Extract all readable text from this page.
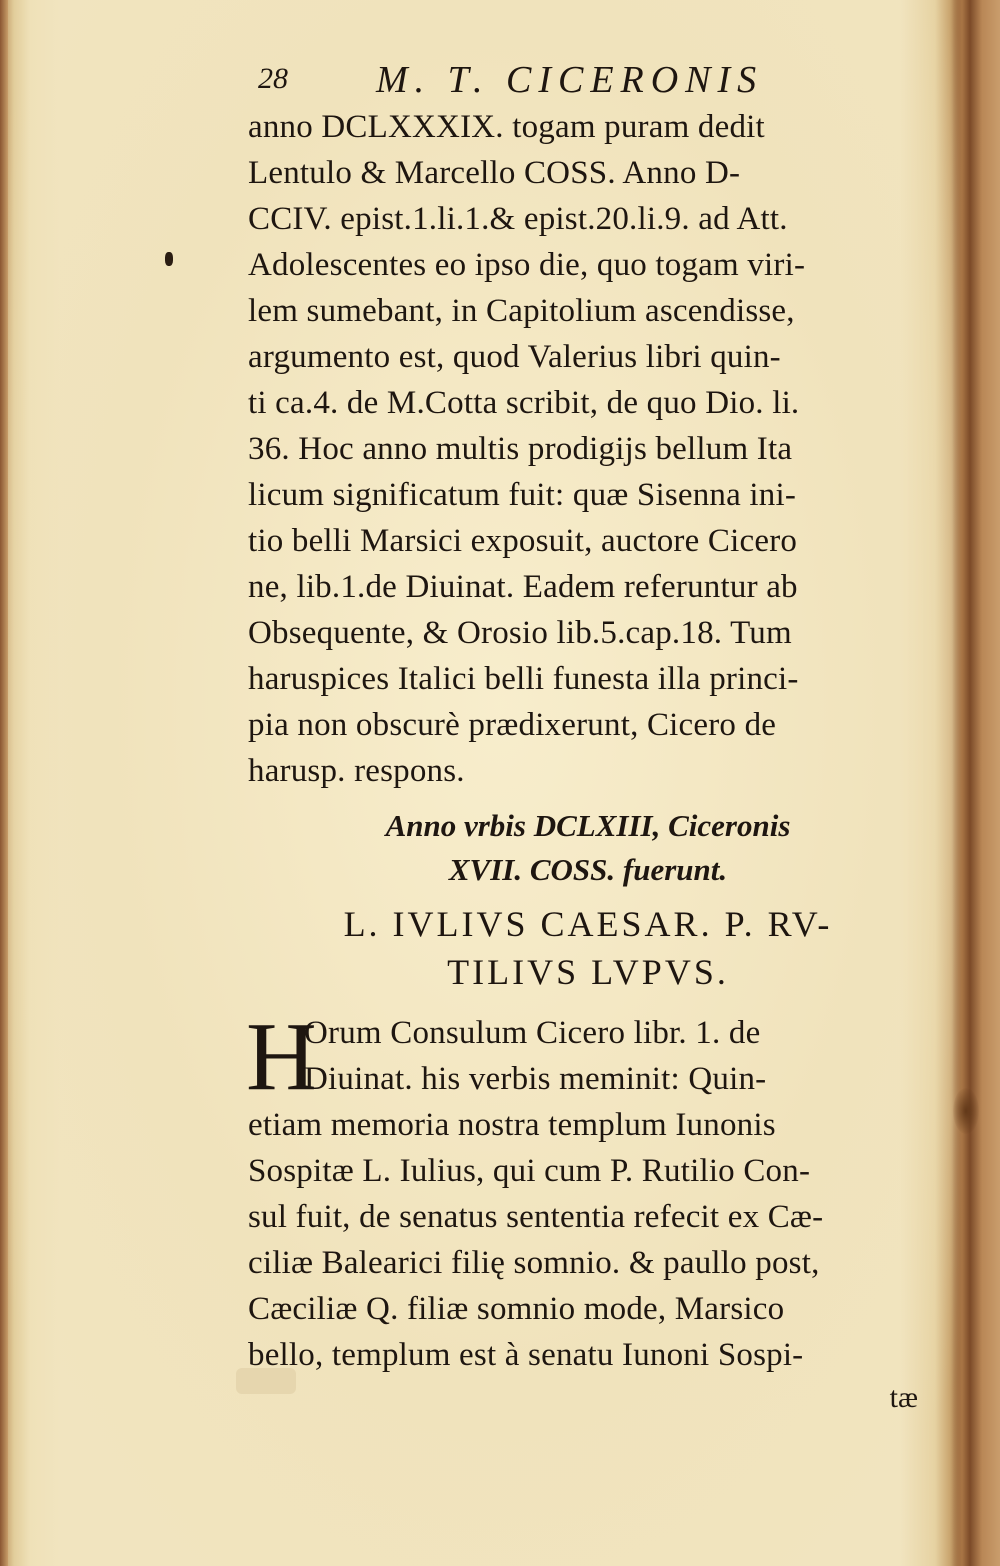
28 M. T. CICERONIS
anno DCLXXXIX. togam puram dedit
Lentulo & Marcello COSS. Anno D-
CCIV. epist.1.li.1.& epist.20.li.9. ad Att.
Adolescentes eo ipso die, quo togam viri-
lem sumebant, in Capitolium ascendisse,
argumento est, quod Valerius libri quin-
ti ca.4. de M.Cotta scribit, de quo Dio. li.
36. Hoc anno multis prodigijs bellum Ita
licum significatum fuit: quæ Sisenna ini-
tio belli Marsici exposuit, auctore Cicero
ne, lib.1.de Diuinat. Eadem referuntur ab
Obsequente, & Orosio lib.5.cap.18. Tum
haruspices Italici belli funesta illa princi-
pia non obscurè prædixerunt, Cicero de
harusp. respons.
Anno vrbis DCLXIII, Ciceronis
XVII. COSS. fuerunt.
L. IVLIVS CAESAR. P. RV-
TILIVS LVPVS.
H
Orum Consulum Cicero libr. 1. de
Diuinat. his verbis meminit: Quin-
etiam memoria nostra templum Iunonis
Sospitæ L. Iulius, qui cum P. Rutilio Con-
sul fuit, de senatus sententia refecit ex Cæ-
ciliæ Balearici filię somnio. & paullo post,
Cæciliæ Q. filiæ somnio mode, Marsico
bello, templum est à senatu Iunoni Sospi-
tæ
